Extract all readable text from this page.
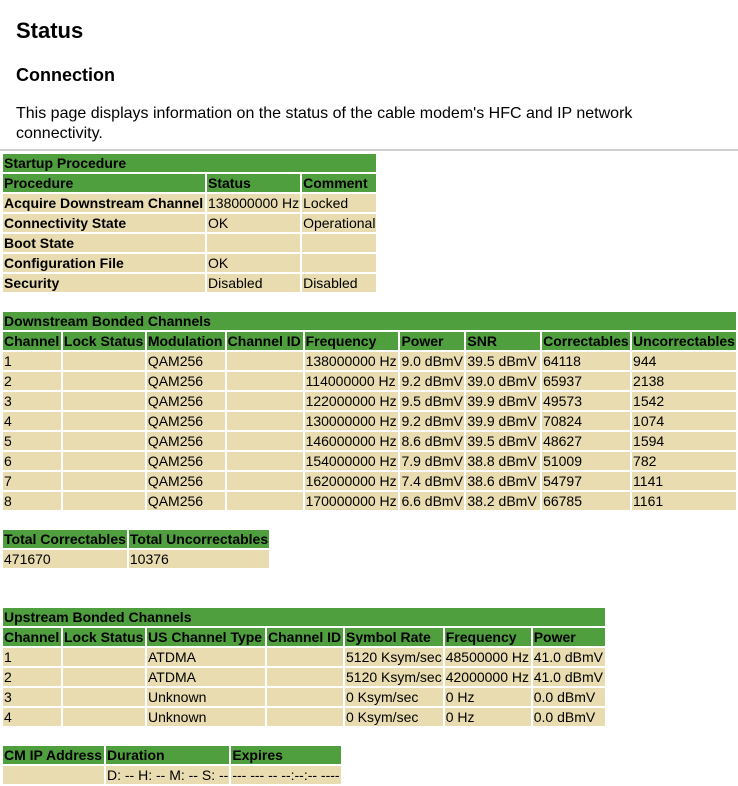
Status
Connection

This page displays information on the status of the cable modem's HFC and IP network connectivity.

Startup Procedure		
Procedure	Status	Comment
Acquire Downstream Channel	138000000 Hz	Locked
Connectivity State	OK	Operational
Boot State		
Configuration File	OK	
Security	Disabled	Disabled
Downstream Bonded Channels								
Channel	Lock Status	Modulation	Channel ID	Frequency	Power	SNR	Correctables	Uncorrectables
1		QAM256		138000000 Hz	9.0 dBmV	39.5 dBmV	64118	944
2		QAM256		114000000 Hz	9.2 dBmV	39.0 dBmV	65937	2138
3		QAM256		122000000 Hz	9.5 dBmV	39.9 dBmV	49573	1542
4		QAM256		130000000 Hz	9.2 dBmV	39.9 dBmV	70824	1074
5		QAM256		146000000 Hz	8.6 dBmV	39.5 dBmV	48627	1594
6		QAM256		154000000 Hz	7.9 dBmV	38.8 dBmV	51009	782
7		QAM256		162000000 Hz	7.4 dBmV	38.6 dBmV	54797	1141
8		QAM256		170000000 Hz	6.6 dBmV	38.2 dBmV	66785	1161
Total Correctables	Total Uncorrectables
471670	10376
Upstream Bonded Channels						
Channel	Lock Status	US Channel Type	Channel ID	Symbol Rate	Frequency	Power
1		ATDMA		5120 Ksym/sec	48500000 Hz	41.0 dBmV
2		ATDMA		5120 Ksym/sec	42000000 Hz	41.0 dBmV
3		Unknown		0 Ksym/sec	0 Hz	0.0 dBmV
4		Unknown		0 Ksym/sec	0 Hz	0.0 dBmV
CM IP Address	Duration	Expires
	D: -- H: -- M: -- S: --	--- --- -- --:--:-- ----
